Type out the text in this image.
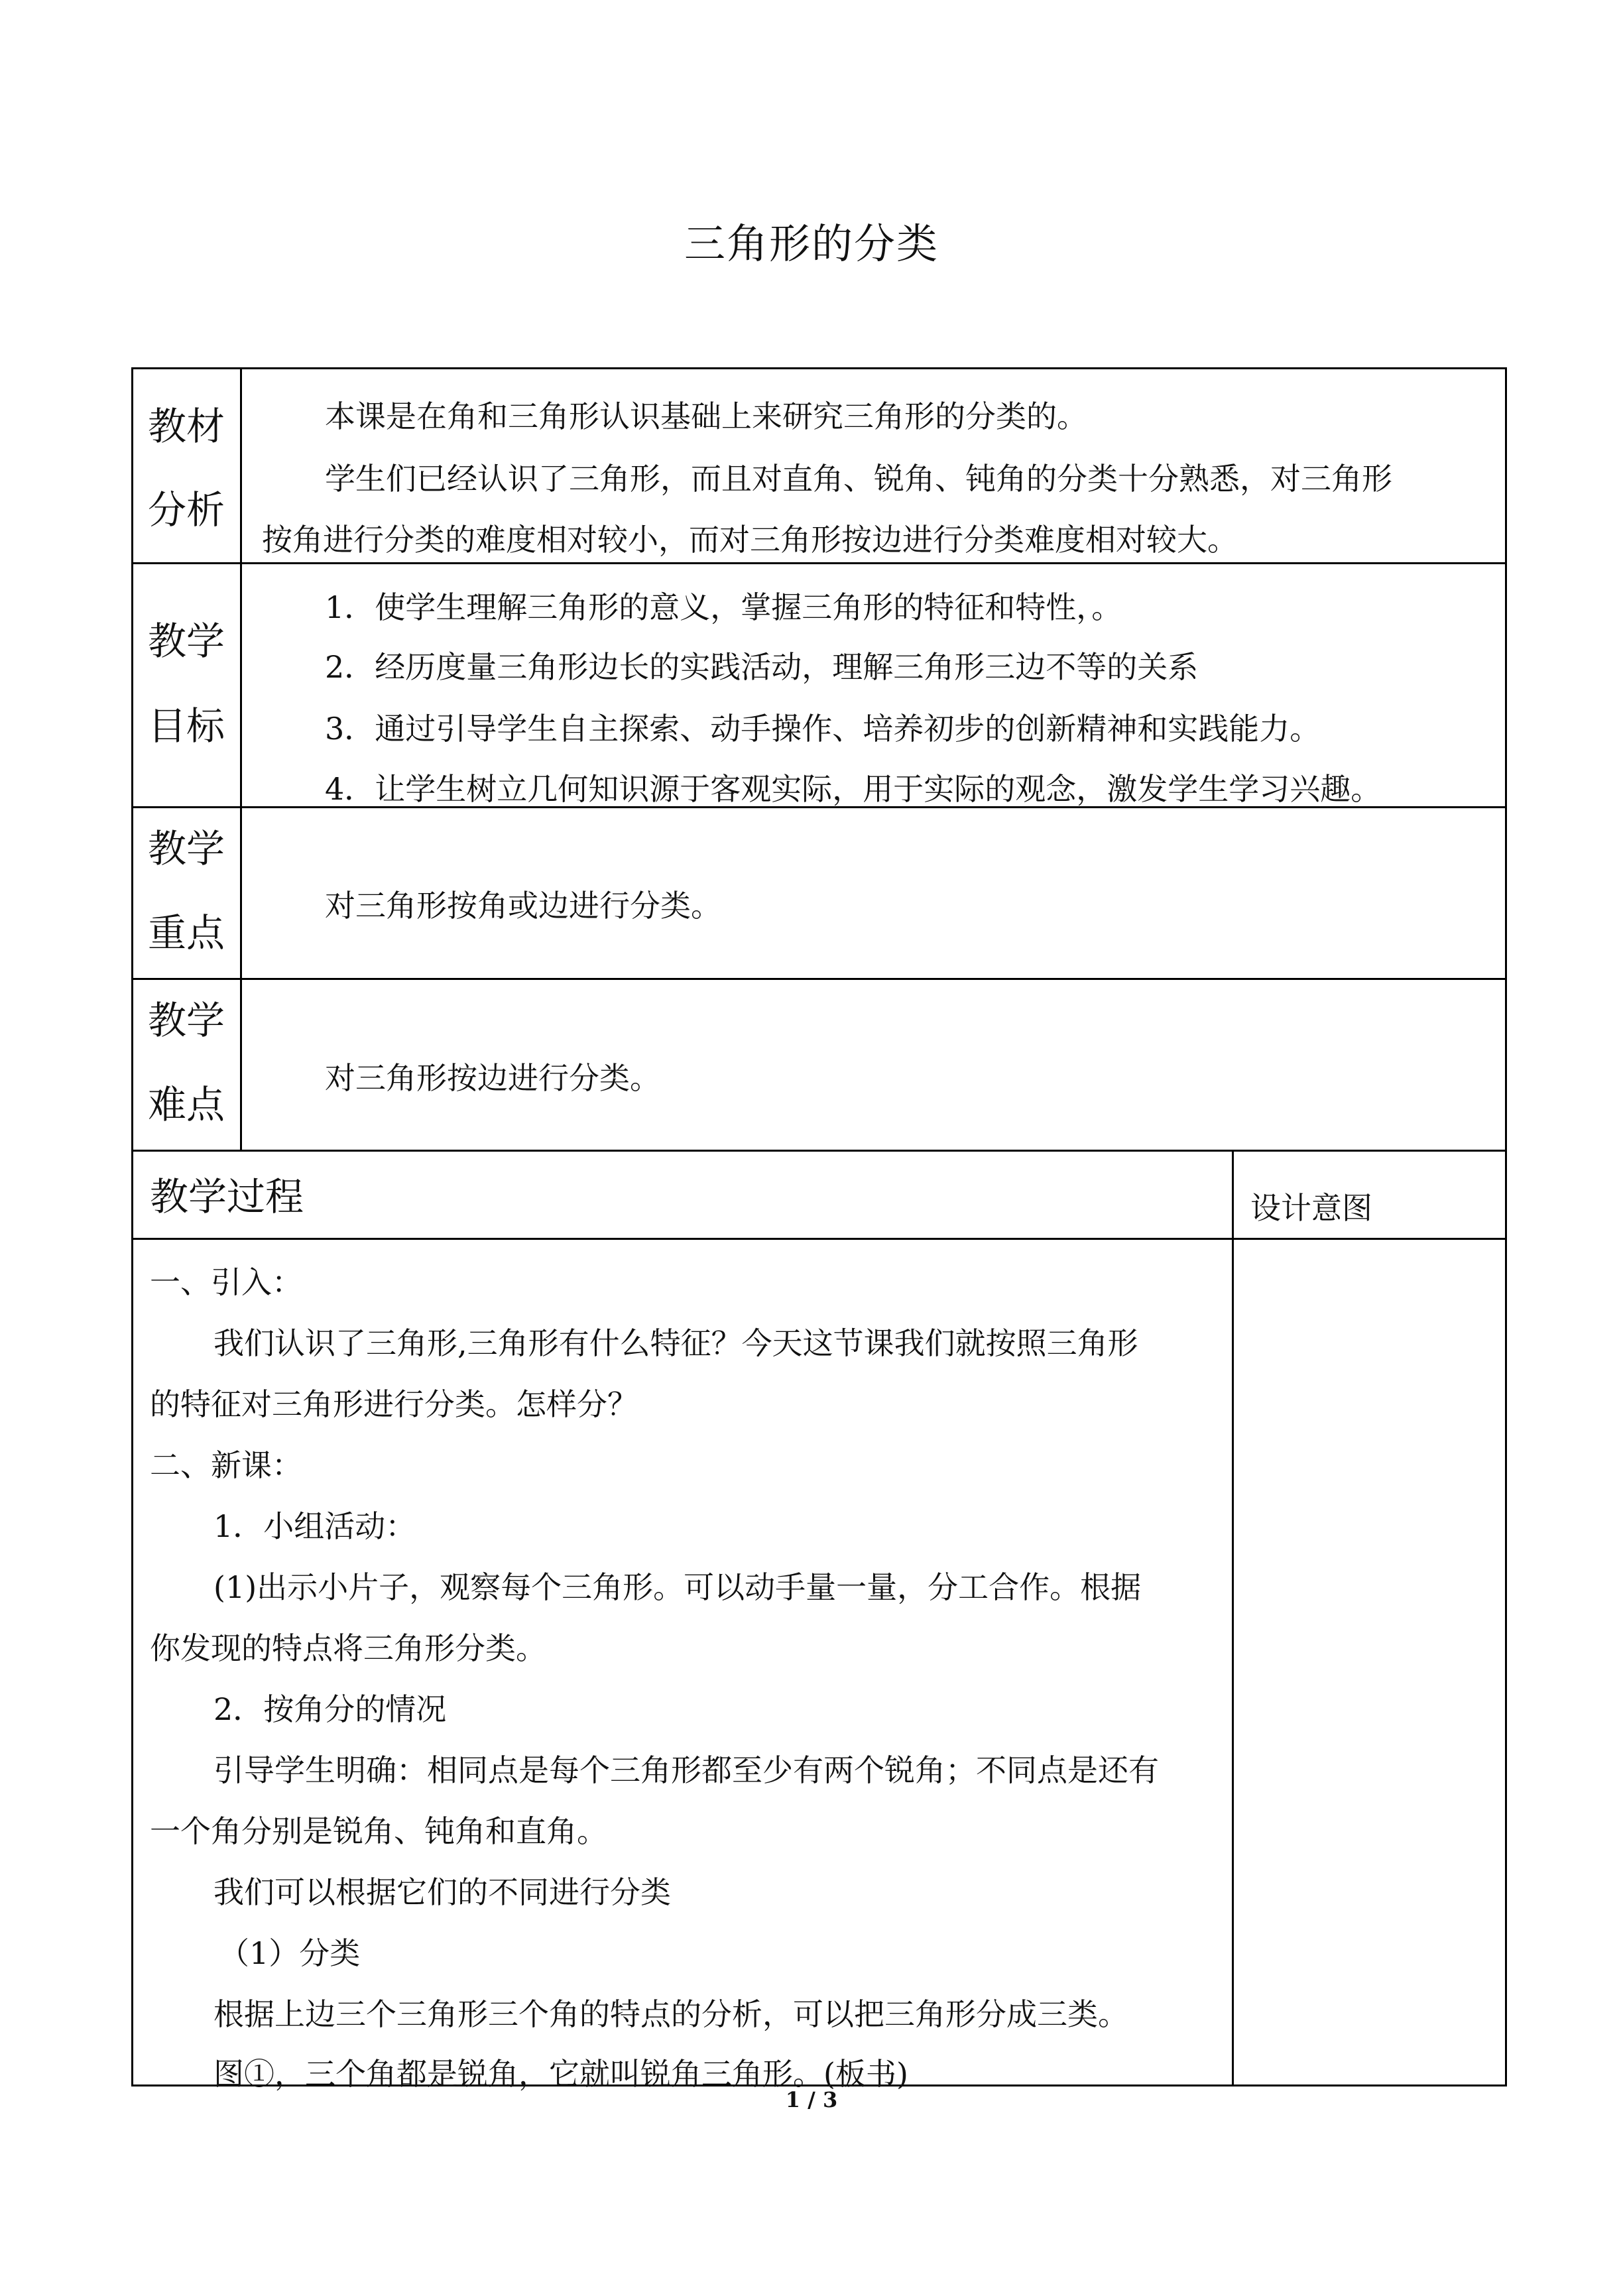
三角形的分类
教材
分析
本课是在角和三角形认识基础上来研究三角形的分类的。
学生们已经认识了三角形，而且对直角、锐角、钝角的分类十分熟悉，对三角形
按角进行分类的难度相对较小，而对三角形按边进行分类难度相对较大。
教学
目标
1．使学生理解三角形的意义，掌握三角形的特征和特性，。
2．经历度量三角形边长的实践活动，理解三角形三边不等的关系
3．通过引导学生自主探索、动手操作、培养初步的创新精神和实践能力。
4．让学生树立几何知识源于客观实际，用于实际的观念，激发学生学习兴趣。
教学
重点
对三角形按角或边进行分类。
教学
难点
对三角形按边进行分类。
教学过程	设计意图
一、引入：
我们认识了三角形,三角形有什么特征？今天这节课我们就按照三角形
的特征对三角形进行分类。怎样分？
二、新课：
1．小组活动：
(1)出示小片子，观察每个三角形。可以动手量一量，分工合作。根据
你发现的特点将三角形分类。
2．按角分的情况
引导学生明确：相同点是每个三角形都至少有两个锐角；不同点是还有
一个角分别是锐角、钝角和直角。
我们可以根据它们的不同进行分类
（1）分类
根据上边三个三角形三个角的特点的分析，可以把三角形分成三类。
图①，三个角都是锐角，它就叫锐角三角形。(板书)
1 / 3
